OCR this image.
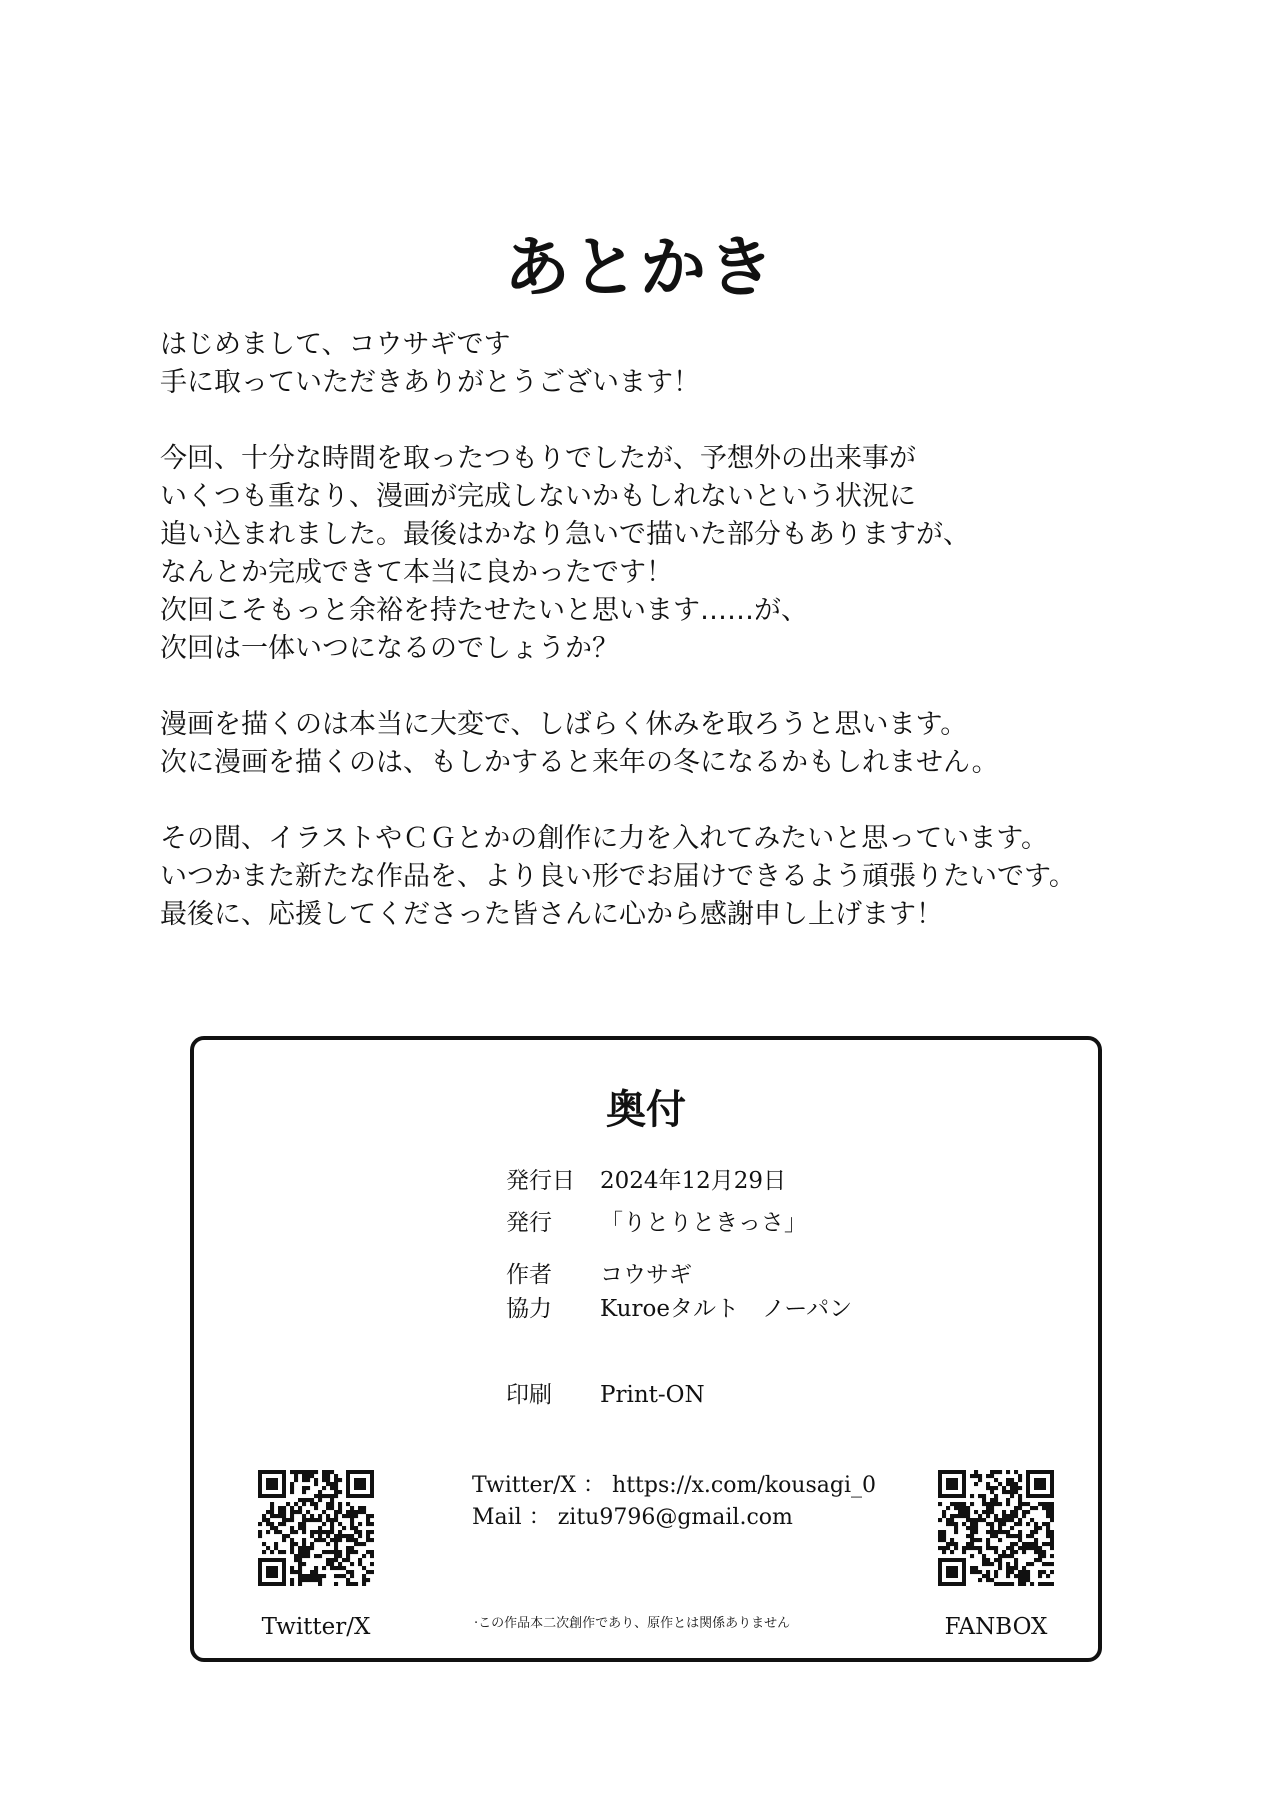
あとかき
はじめまして、コウサギです
手に取っていただきありがとうございます！
今回、十分な時間を取ったつもりでしたが、予想外の出来事が
いくつも重なり、漫画が完成しないかもしれないという状況に
追い込まれました。最後はかなり急いで描いた部分もありますが、
なんとか完成できて本当に良かったです！
次回こそもっと余裕を持たせたいと思います……が、
次回は一体いつになるのでしょうか？
漫画を描くのは本当に大変で、しばらく休みを取ろうと思います。
次に漫画を描くのは、もしかすると来年の冬になるかもしれません。
その間、イラストやＣＧとかの創作に力を入れてみたいと思っています。
いつかまた新たな作品を、より良い形でお届けできるよう頑張りたいです。
最後に、応援してくださった皆さんに心から感謝申し上げます！
奥付
発行日 2024年12月29日
発行 「りとりときっさ」
作者 コウサギ
協力 Kuroeタルト　ノーパン
印刷 Print-ON
Twitter/X ： https://x.com/kousagi_0
Mail ： zitu9796@gmail.com
·この作品本二次創作であり、原作とは関係ありません
Twitter/X	FANBOX
